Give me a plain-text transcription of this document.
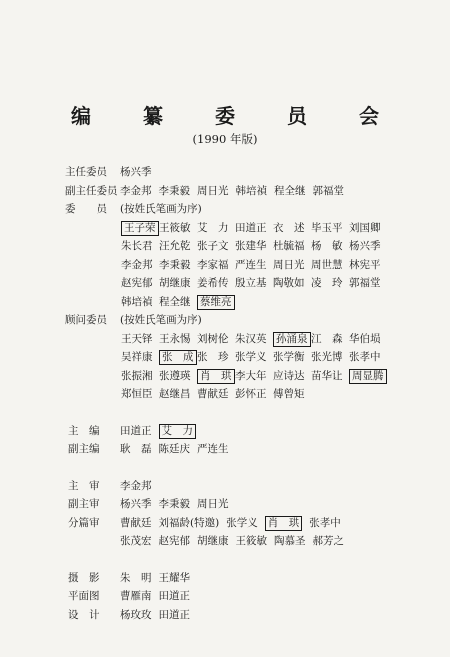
编　纂　委　员　会
(1990 年版)
主任委员	杨兴季
副主任委员 李金邦 李秉毅 周日光 韩培禎 程全继 郭福堂
委　　员	(按姓氏笔画为序)
王子荣 王筱敏 艾　力 田道正 衣　述 毕玉平 刘国卿
朱长君 汪允乾 张子文 张建华 杜毓福 杨　敏 杨兴季
李金邦 李秉毅 李家福 严连生 周日光 周世慧 林宪平
赵宪郁 胡继康 姜希传 殷立基 陶敬如 凌　玲 郭福堂
韩培禎 程全继 蔡维亮
顾问委员	(按姓氏笔画为序)
王天铎 王永惕 刘树伦 朱汉英 孙涌泉 江　森 华伯埙
吴祥康 张　成 张　珍 张学义 张学衡 张光博 张孝中
张振湘 张遵瑛 肖　珙 李大年 应诗达 苗华让 周显腾
郑恒臣 赵继昌 曹献廷 彭怀正 傅曾矩
主　编	田道正 艾　力
副主编	耿　磊 陈廷庆 严连生
主　审	李金邦
副主审	杨兴季 李秉毅 周日光
分篇审	曹献廷 刘福龄(特邀) 张学义 肖　珙 张孝中
张茂宏 赵宪郁 胡继康 王筱敏 陶慕圣 郝芳之
摄　影	朱　明 王耀华
平面图	曹雁南 田道正
设　计	杨玫玫 田道正
